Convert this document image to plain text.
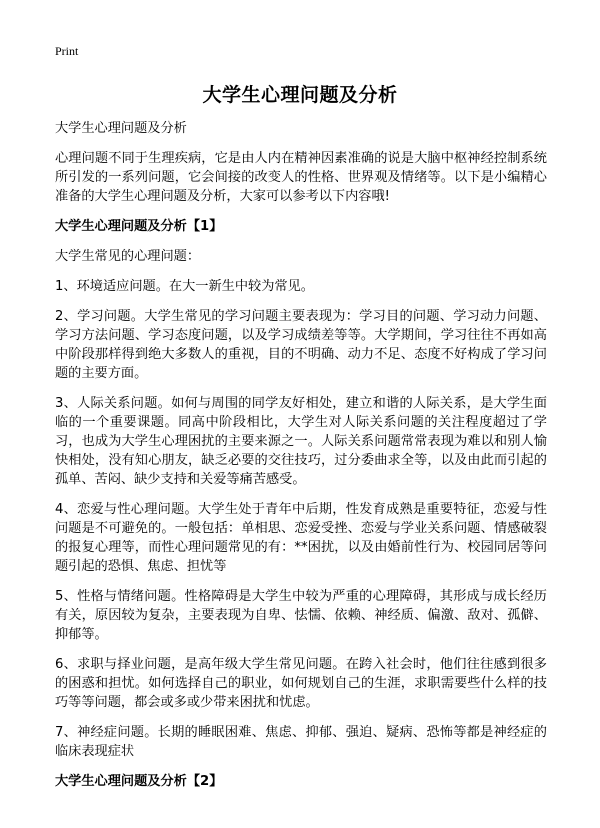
Print
大学生心理问题及分析

大学生心理问题及分析

心理问题不同于生理疾病，它是由人内在精神因素准确的说是大脑中枢神经控制系统所引发的一系列问题，它会间接的改变人的性格、世界观及情绪等。以下是小编精心准备的大学生心理问题及分析，大家可以参考以下内容哦!

大学生心理问题及分析【1】

大学生常见的心理问题：

1、环境适应问题。在大一新生中较为常见。

2、学习问题。大学生常见的学习问题主要表现为：学习目的问题、学习动力问题、学习方法问题、学习态度问题，以及学习成绩差等等。大学期间，学习往往不再如高中阶段那样得到绝大多数人的重视，目的不明确、动力不足、态度不好构成了学习问题的主要方面。

3、人际关系问题。如何与周围的同学友好相处，建立和谐的人际关系，是大学生面临的一个重要课题。同高中阶段相比，大学生对人际关系问题的关注程度超过了学习，也成为大学生心理困扰的主要来源之一。人际关系问题常常表现为难以和别人愉快相处，没有知心朋友，缺乏必要的交往技巧，过分委曲求全等，以及由此而引起的孤单、苦闷、缺少支持和关爱等痛苦感受。

4、恋爱与性心理问题。大学生处于青年中后期，性发育成熟是重要特征，恋爱与性问题是不可避免的。一般包括：单相思、恋爱受挫、恋爱与学业关系问题、情感破裂的报复心理等，而性心理问题常见的有：**困扰，以及由婚前性行为、校园同居等问题引起的恐惧、焦虑、担忧等

5、性格与情绪问题。性格障碍是大学生中较为严重的心理障碍，其形成与成长经历有关，原因较为复杂，主要表现为自卑、怯懦、依赖、神经质、偏激、敌对、孤僻、抑郁等。

6、求职与择业问题，是高年级大学生常见问题。在跨入社会时，他们往往感到很多的困惑和担忧。如何选择自己的职业，如何规划自己的生涯，求职需要些什么样的技巧等等问题，都会或多或少带来困扰和忧虑。

7、神经症问题。长期的睡眠困难、焦虑、抑郁、强迫、疑病、恐怖等都是神经症的临床表现症状

大学生心理问题及分析【2】
